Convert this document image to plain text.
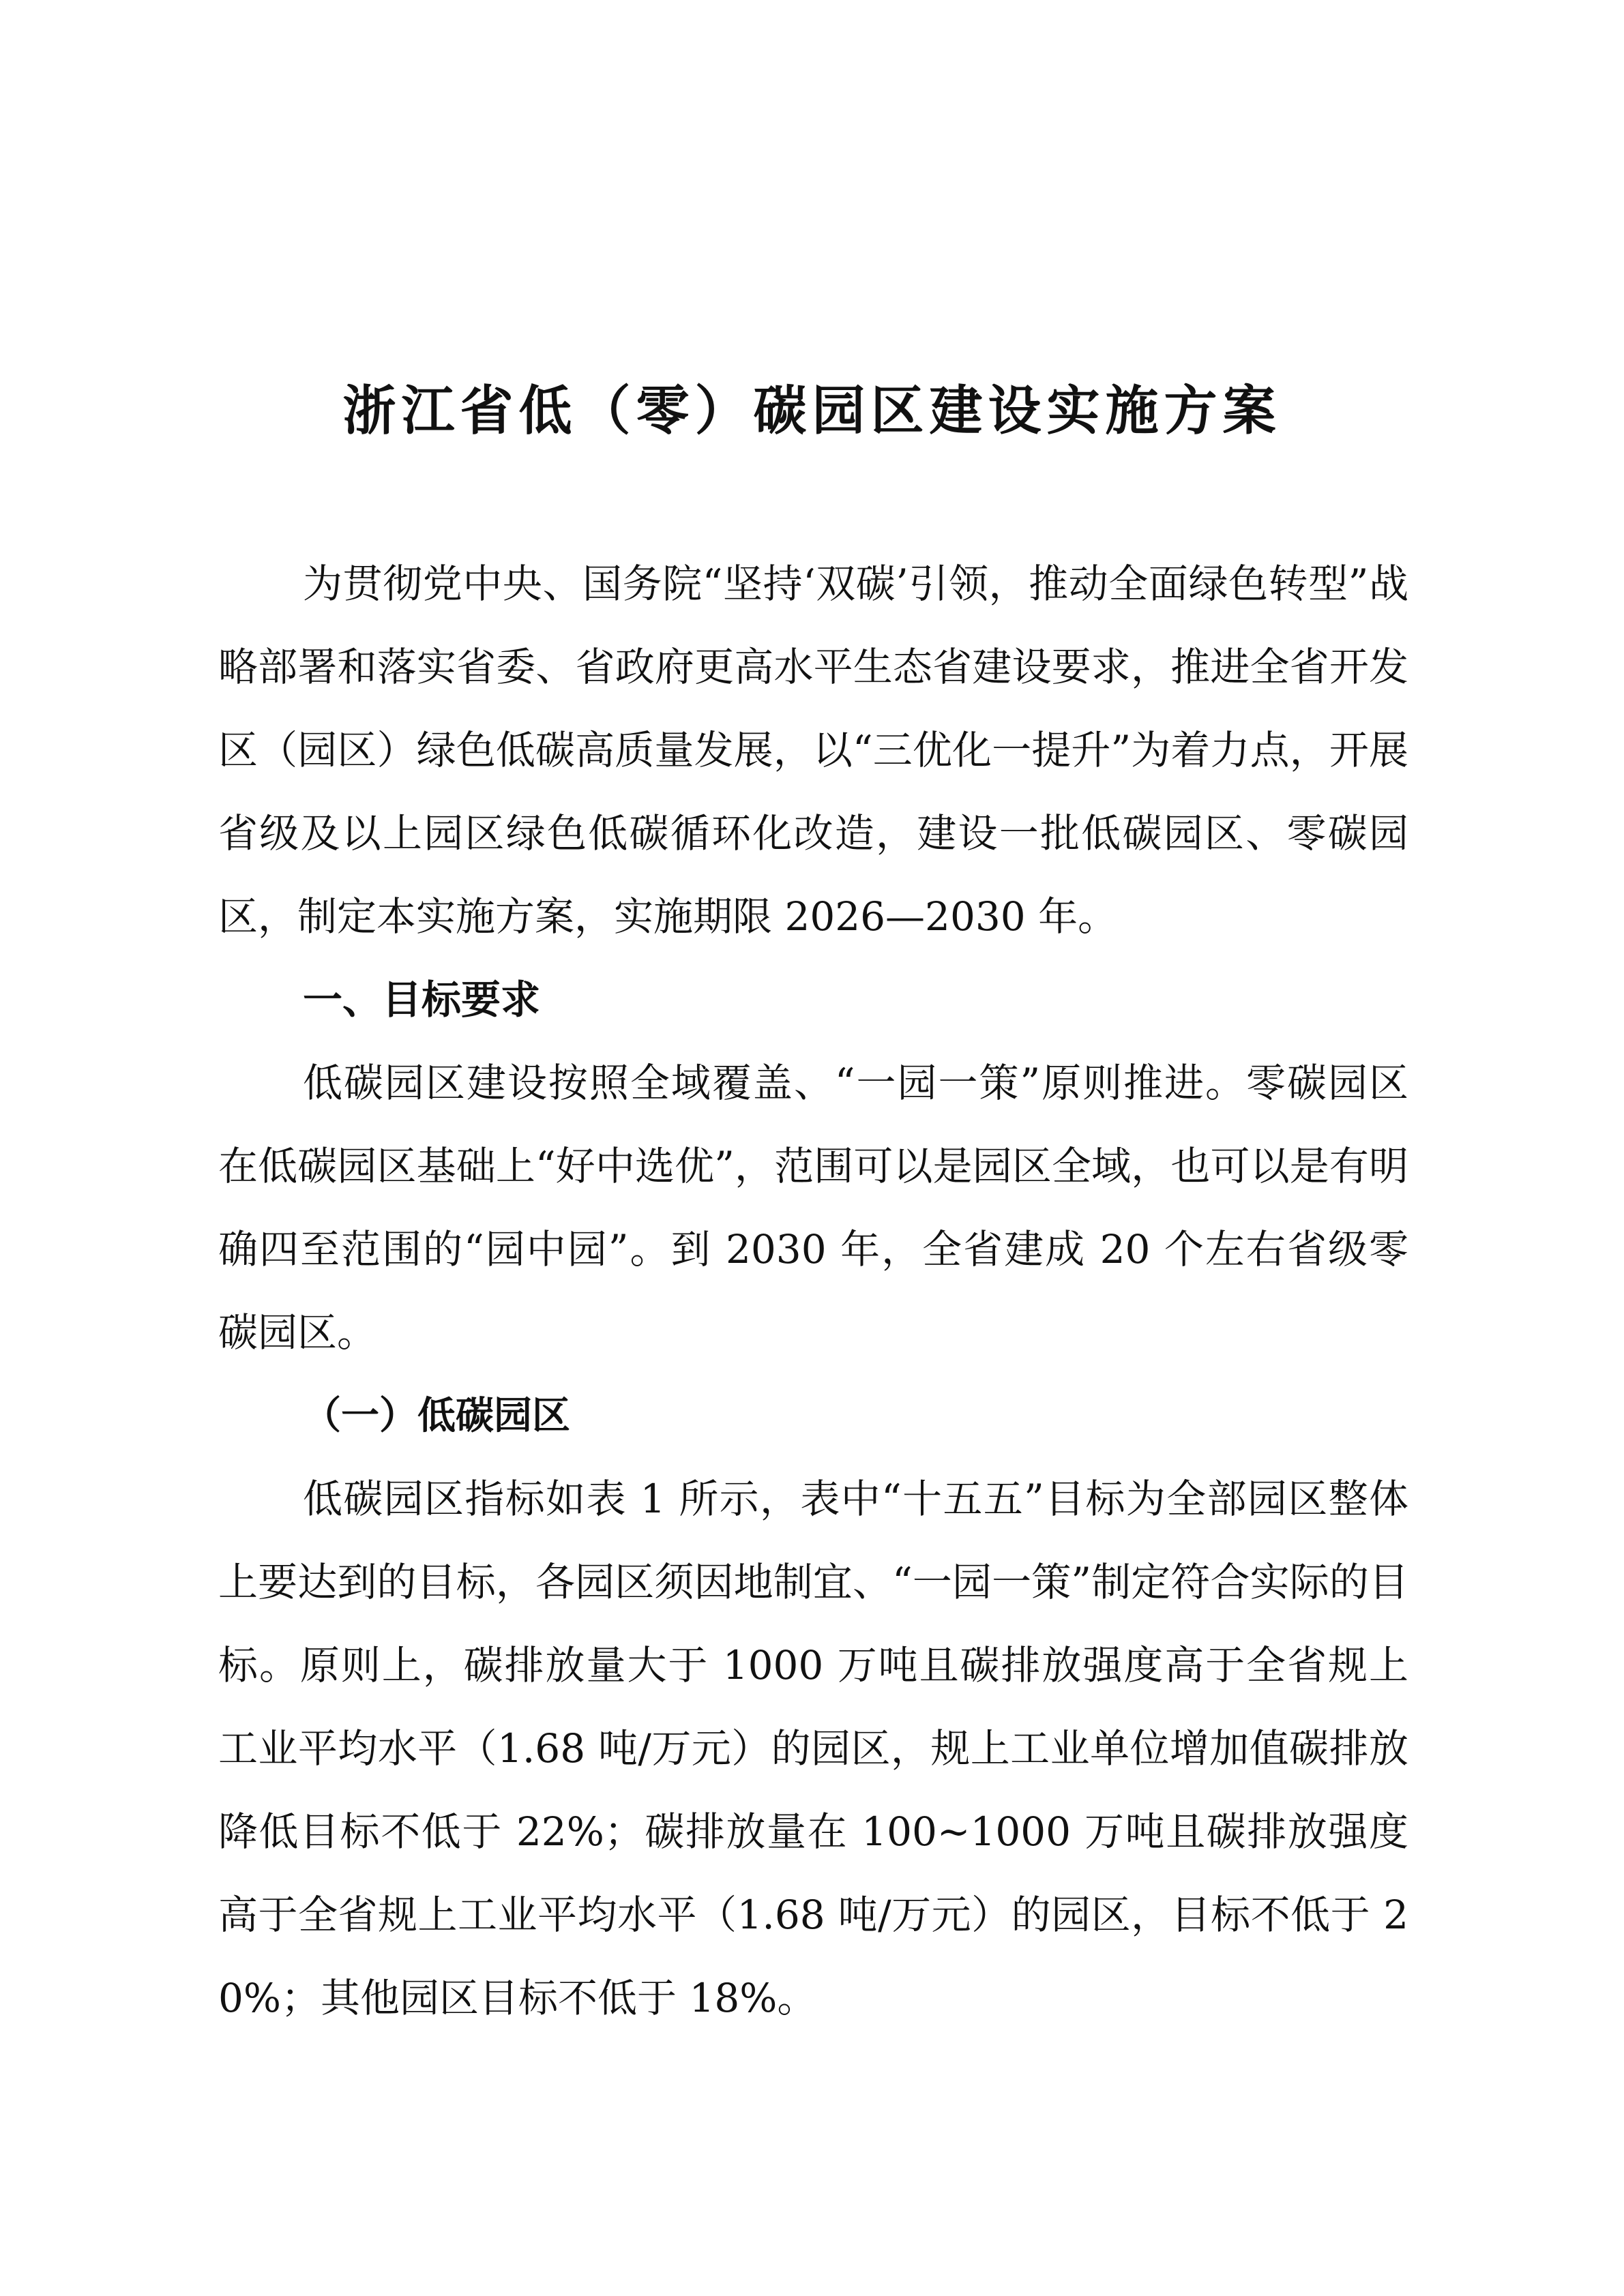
浙江省低（零）碳园区建设实施方案

为贯彻党中央、国务院“坚持‘双碳’引领，推动全面绿色转型”战略部署和落实省委、省政府更高水平生态省建设要求，推进全省开发区（园区）绿色低碳高质量发展，以“三优化一提升”为着力点，开展省级及以上园区绿色低碳循环化改造，建设一批低碳园区、零碳园区，制定本实施方案，实施期限 2026—2030 年。

一、目标要求

低碳园区建设按照全域覆盖、“一园一策”原则推进。零碳园区在低碳园区基础上“好中选优”，范围可以是园区全域，也可以是有明确四至范围的“园中园”。到 2030 年，全省建成 20 个左右省级零碳园区。

（一）低碳园区

低碳园区指标如表 1 所示，表中“十五五”目标为全部园区整体上要达到的目标，各园区须因地制宜、“一园一策”制定符合实际的目标。原则上，碳排放量大于 1000 万吨且碳排放强度高于全省规上工业平均水平（1.68 吨/万元）的园区，规上工业单位增加值碳排放降低目标不低于 22%；碳排放量在 100~1000 万吨且碳排放强度高于全省规上工业平均水平（1.68 吨/万元）的园区，目标不低于 20%；其他园区目标不低于 18%。
